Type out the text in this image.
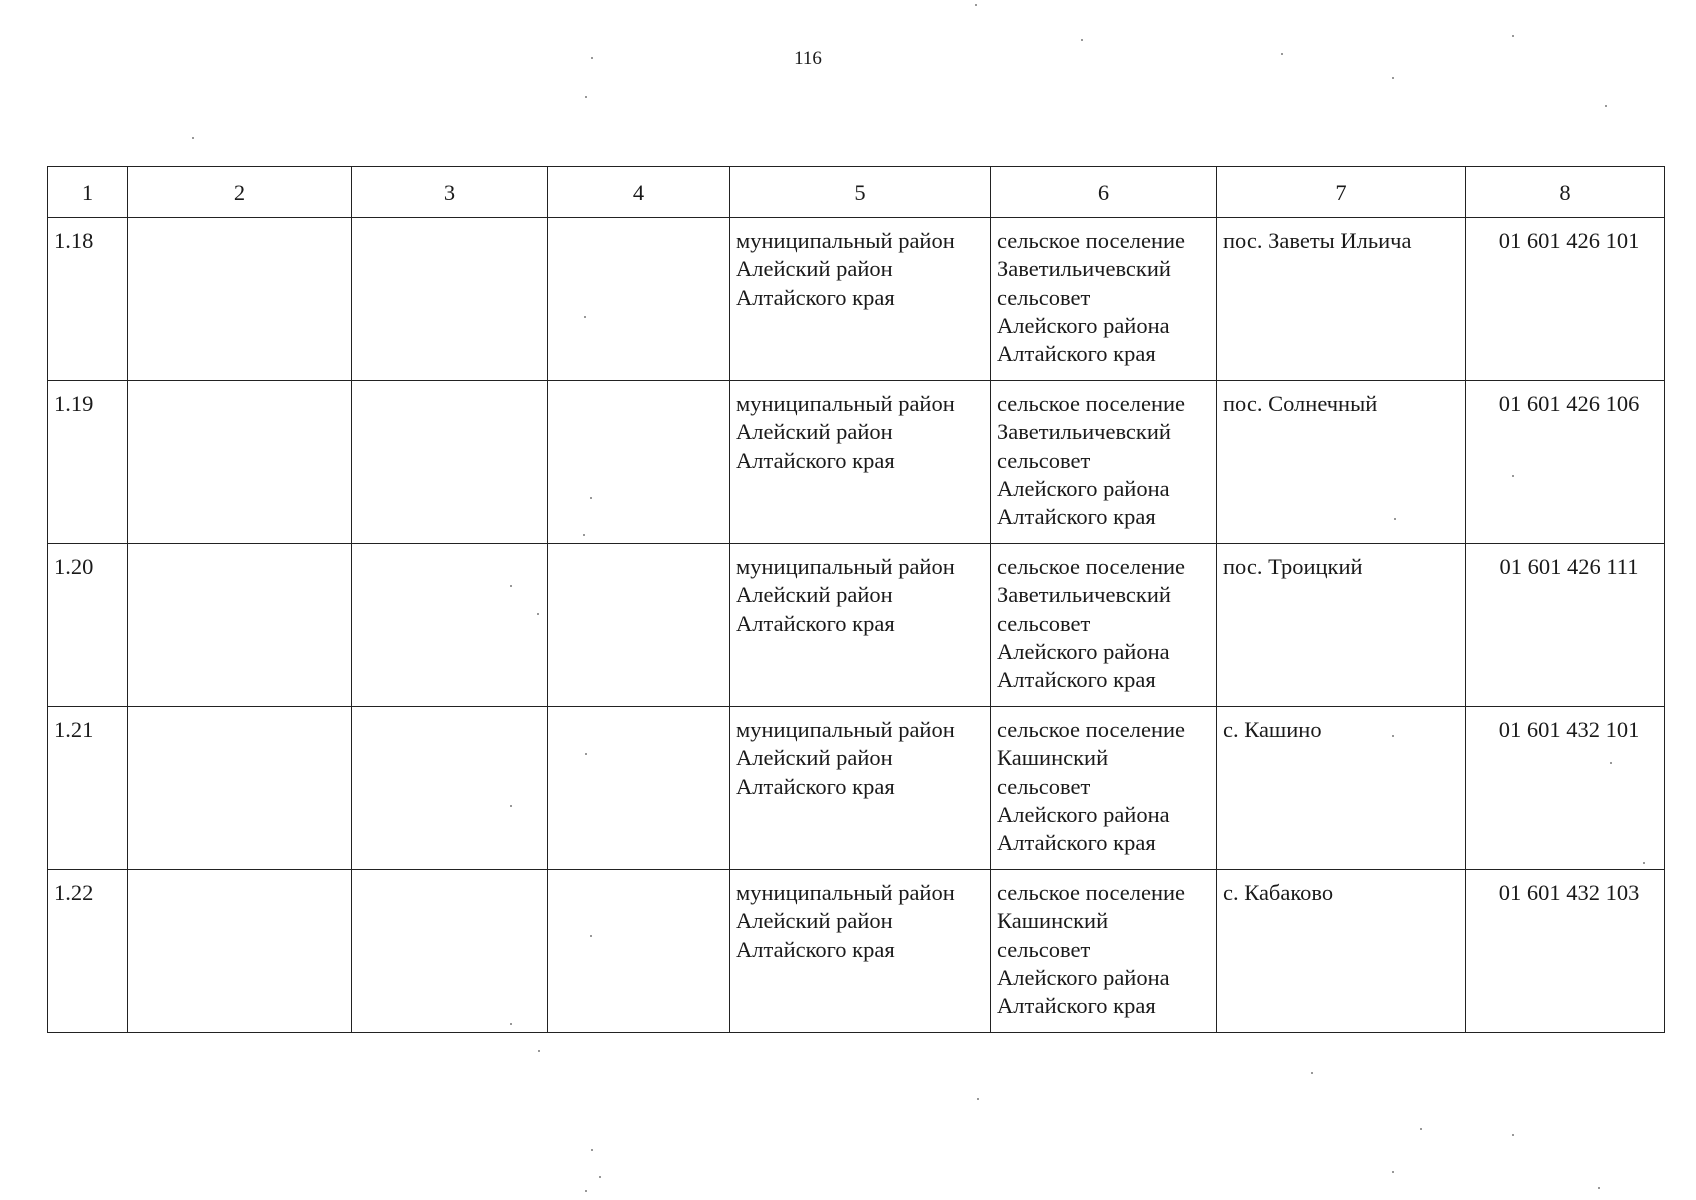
116
1	2	3	4	5	6	7	8
1.18				муниципальный район
Алейский район
Алтайского края	сельское поселение
Заветильичевский
сельсовет
Алейского района
Алтайского края	пос. Заветы Ильича	01 601 426 101
1.19				муниципальный район
Алейский район
Алтайского края	сельское поселение
Заветильичевский
сельсовет
Алейского района
Алтайского края	пос. Солнечный	01 601 426 106
1.20				муниципальный район
Алейский район
Алтайского края	сельское поселение
Заветильичевский
сельсовет
Алейского района
Алтайского края	пос. Троицкий	01 601 426 111
1.21				муниципальный район
Алейский район
Алтайского края	сельское поселение
Кашинский
сельсовет
Алейского района
Алтайского края	с. Кашино	01 601 432 101
1.22				муниципальный район
Алейский район
Алтайского края	сельское поселение
Кашинский
сельсовет
Алейского района
Алтайского края	с. Кабаково	01 601 432 103
